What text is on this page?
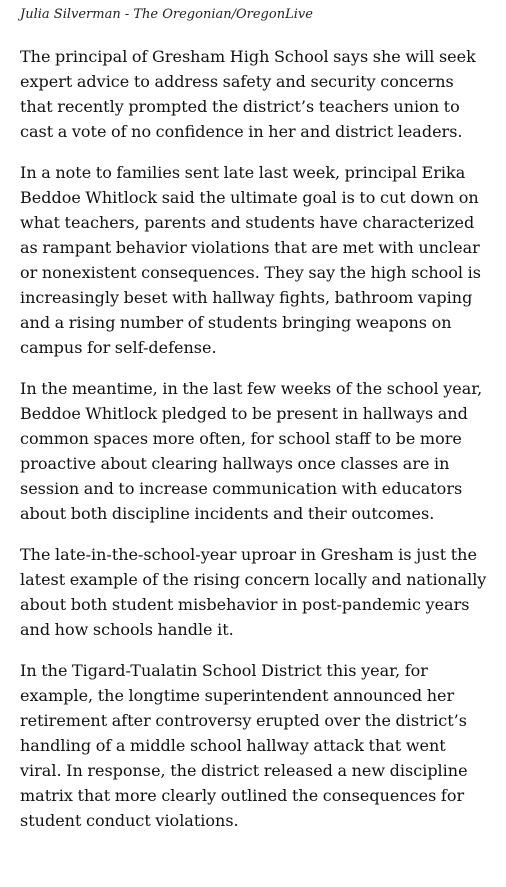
Julia Silverman - The Oregonian/OregonLive

The principal of Gresham High School says she will seek expert advice to address safety and security concerns that recently prompted the district’s teachers union to cast a vote of no confidence in her and district leaders.

In a note to families sent late last week, principal Erika Beddoe Whitlock said the ultimate goal is to cut down on what teachers, parents and students have characterized as rampant behavior violations that are met with unclear or nonexistent consequences. They say the high school is increasingly beset with hallway fights, bathroom vaping and a rising number of students bringing weapons on campus for self-defense.

In the meantime, in the last few weeks of the school year, Beddoe Whitlock pledged to be present in hallways and common spaces more often, for school staff to be more proactive about clearing hallways once classes are in session and to increase communication with educators about both discipline incidents and their outcomes.

The late-in-the-school-year uproar in Gresham is just the latest example of the rising concern locally and nationally about both student misbehavior in post-pandemic years and how schools handle it.

In the Tigard-Tualatin School District this year, for example, the longtime superintendent announced her retirement after controversy erupted over the district’s handling of a middle school hallway attack that went viral. In response, the district released a new discipline matrix that more clearly outlined the consequences for student conduct violations.
